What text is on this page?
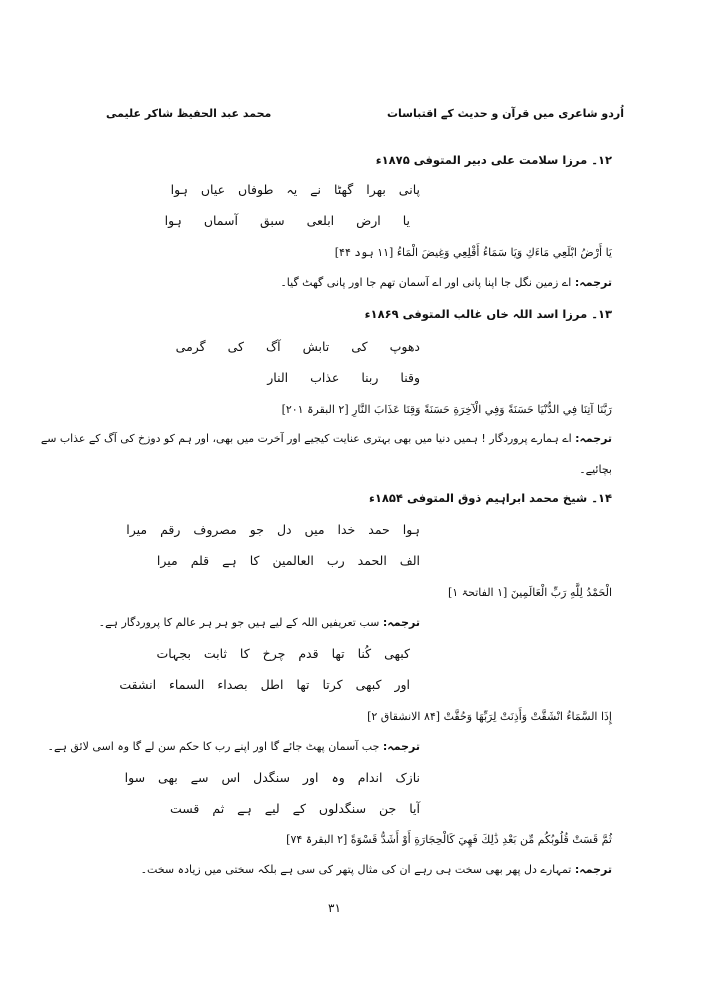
اُردو شاعری میں قرآن و حدیث کے اقتباسات
محمد عبد الحفیظ شاکر علیمی
۱۲۔ مرزا سلامت علی دبیر المتوفی ۱۸۷۵ء
پانی بھرا گھٹا نے یہ طوفاں عیاں ہوا
یا ارض ابلعی سبق آسماں ہوا
یَا أَرْضُ ابْلَعِي مَاءَكِ وَيَا سَمَاءُ أَقْلِعِي وَغِيضَ الْمَاءُ [۱۱ ہود ۴۴]
ترجمہ: اے زمین نگل جا اپنا پانی اور اے آسمان تھم جا اور پانی گھٹ گیا۔
۱۳۔ مرزا اسد اللہ خاں غالب المتوفی ۱۸۶۹ء
دھوپ کی تابش آگ کی گرمی
وقنا ربنا عذاب النار
رَبَّنَا آتِنَا فِي الدُّنْيَا حَسَنَةً وَفِي الْآخِرَةِ حَسَنَةً وَقِنَا عَذَابَ النَّارِ [۲ البقرۃ ۲۰۱]
ترجمہ: اے ہمارے پروردگار ! ہمیں دنیا میں بھی بہتری عنایت کیجیے اور آخرت میں بھی، اور ہم کو دوزخ کی آگ کے عذاب سے
بچائیے۔
۱۴۔ شیخ محمد ابراہیم ذوق المتوفی ۱۸۵۴ء
ہوا حمد خدا میں دل جو مصروف رقم میرا
الف الحمد رب العالمین کا ہے قلم میرا
الْحَمْدُ لِلَّهِ رَبِّ الْعَالَمِينَ [۱ الفاتحۃ ۱]
ترجمہ: سب تعریفیں اللہ کے لیے ہیں جو ہر ہر عالم کا پروردگار ہے۔
کبھی کُنا تھا قدم چرخ کا ثابت بجہات
اور کبھی کرتا تھا اطل بصداء السماء انشقت
إِذَا السَّمَاءُ انْشَقَّتْ وَأَذِنَتْ لِرَبِّهَا وَحُقَّتْ [۸۴ الانشقاق ۲]
ترجمہ: جب آسمان پھٹ جائے گا اور اپنے رب کا حکم سن لے گا وہ اسی لائق ہے۔
نازک اندام وہ اور سنگدل اس سے بھی سوا
آیا جن سنگدلوں کے لیے ہے ثم قست
ثُمَّ قَسَتْ قُلُوبُكُم مِّن بَعْدِ ذَٰلِكَ فَهِيَ كَالْحِجَارَةِ أَوْ أَشَدُّ قَسْوَةً [۲ البقرۃ ۷۴]
ترجمہ: تمہارے دل پھر بھی سخت ہی رہے ان کی مثال پتھر کی سی ہے بلکہ سختی میں زیادہ سخت۔
۳۱
